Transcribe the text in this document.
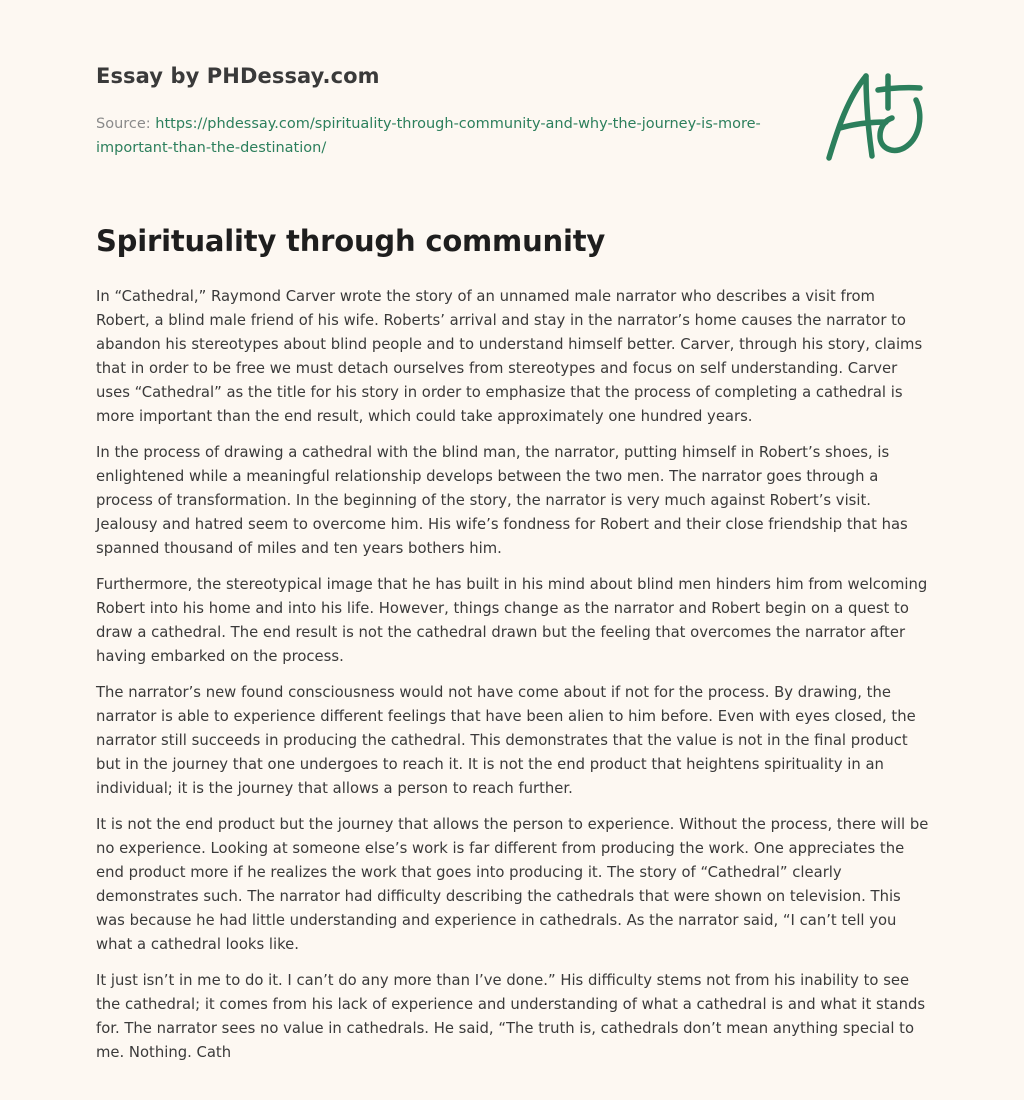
Essay by PHDessay.com
Source: https://phdessay.com/spirituality-through-community-and-why-the-journey-is-more-important-than-the-destination/
Spirituality through community

In “Cathedral,” Raymond Carver wrote the story of an unnamed male narrator who describes a visit from Robert, a blind male friend of his wife. Roberts’ arrival and stay in the narrator’s home causes the narrator to abandon his stereotypes about blind people and to understand himself better. Carver, through his story, claims that in order to be free we must detach ourselves from stereotypes and focus on self understanding. Carver uses “Cathedral” as the title for his story in order to emphasize that the process of completing a cathedral is more important than the end result, which could take approximately one hundred years.

In the process of drawing a cathedral with the blind man, the narrator, putting himself in Robert’s shoes, is enlightened while a meaningful relationship develops between the two men. The narrator goes through a process of transformation. In the beginning of the story, the narrator is very much against Robert’s visit. Jealousy and hatred seem to overcome him. His wife’s fondness for Robert and their close friendship that has spanned thousand of miles and ten years bothers him.

Furthermore, the stereotypical image that he has built in his mind about blind men hinders him from welcoming Robert into his home and into his life. However, things change as the narrator and Robert begin on a quest to draw a cathedral. The end result is not the cathedral drawn but the feeling that overcomes the narrator after having embarked on the process.

The narrator’s new found consciousness would not have come about if not for the process. By drawing, the narrator is able to experience different feelings that have been alien to him before. Even with eyes closed, the narrator still succeeds in producing the cathedral. This demonstrates that the value is not in the final product but in the journey that one undergoes to reach it. It is not the end product that heightens spirituality in an individual; it is the journey that allows a person to reach further.

It is not the end product but the journey that allows the person to experience. Without the process, there will be no experience. Looking at someone else’s work is far different from producing the work. One appreciates the end product more if he realizes the work that goes into producing it. The story of “Cathedral” clearly demonstrates such. The narrator had difficulty describing the cathedrals that were shown on television. This was because he had little understanding and experience in cathedrals. As the narrator said, “I can’t tell you what a cathedral looks like.

It just isn’t in me to do it. I can’t do any more than I’ve done.” His difficulty stems not from his inability to see the cathedral; it comes from his lack of experience and understanding of what a cathedral is and what it stands for. The narrator sees no value in cathedrals. He said, “The truth is, cathedrals don’t mean anything special to me. Nothing. Cath
